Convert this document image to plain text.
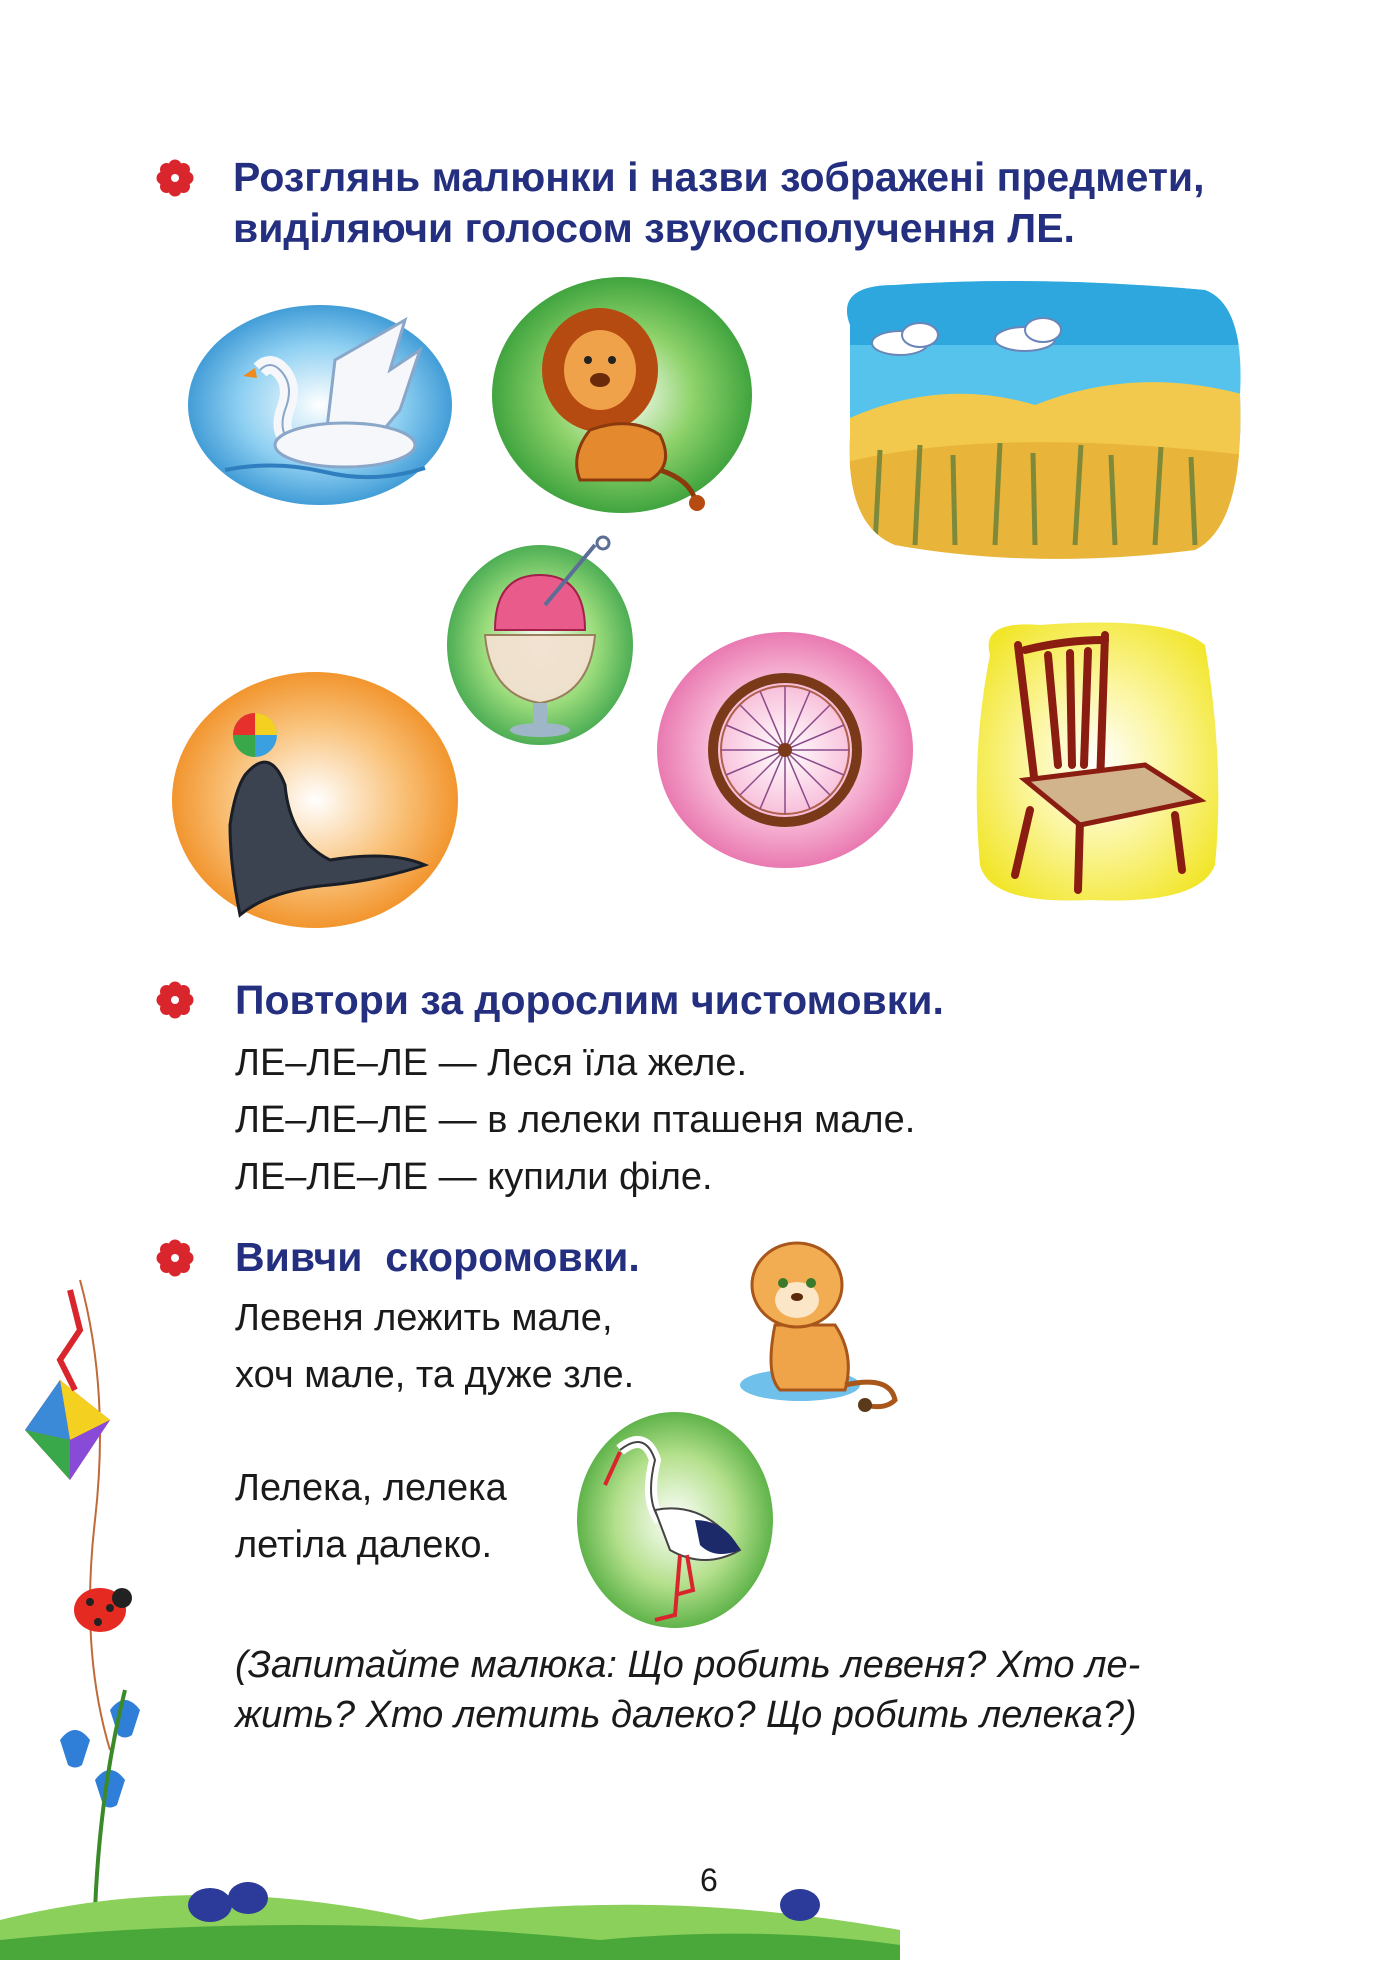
Розглянь малюнки і назви зображені предмети,
виділяючи голосом звукосполучення ЛЕ.
Повтори за дорослим чистомовки.
ЛЕ–ЛЕ–ЛЕ — Леся їла желе.
ЛЕ–ЛЕ–ЛЕ — в лелеки пташеня мале.
ЛЕ–ЛЕ–ЛЕ — купили філе.
Вивчи  скоромовки.
Левеня лежить мале,
хоч мале, та дуже зле.
Лелека, лелека
летіла далеко.
(Запитайте малюка: Що робить левеня? Хто ле-
жить? Хто летить далеко? Що робить лелека?)
6
